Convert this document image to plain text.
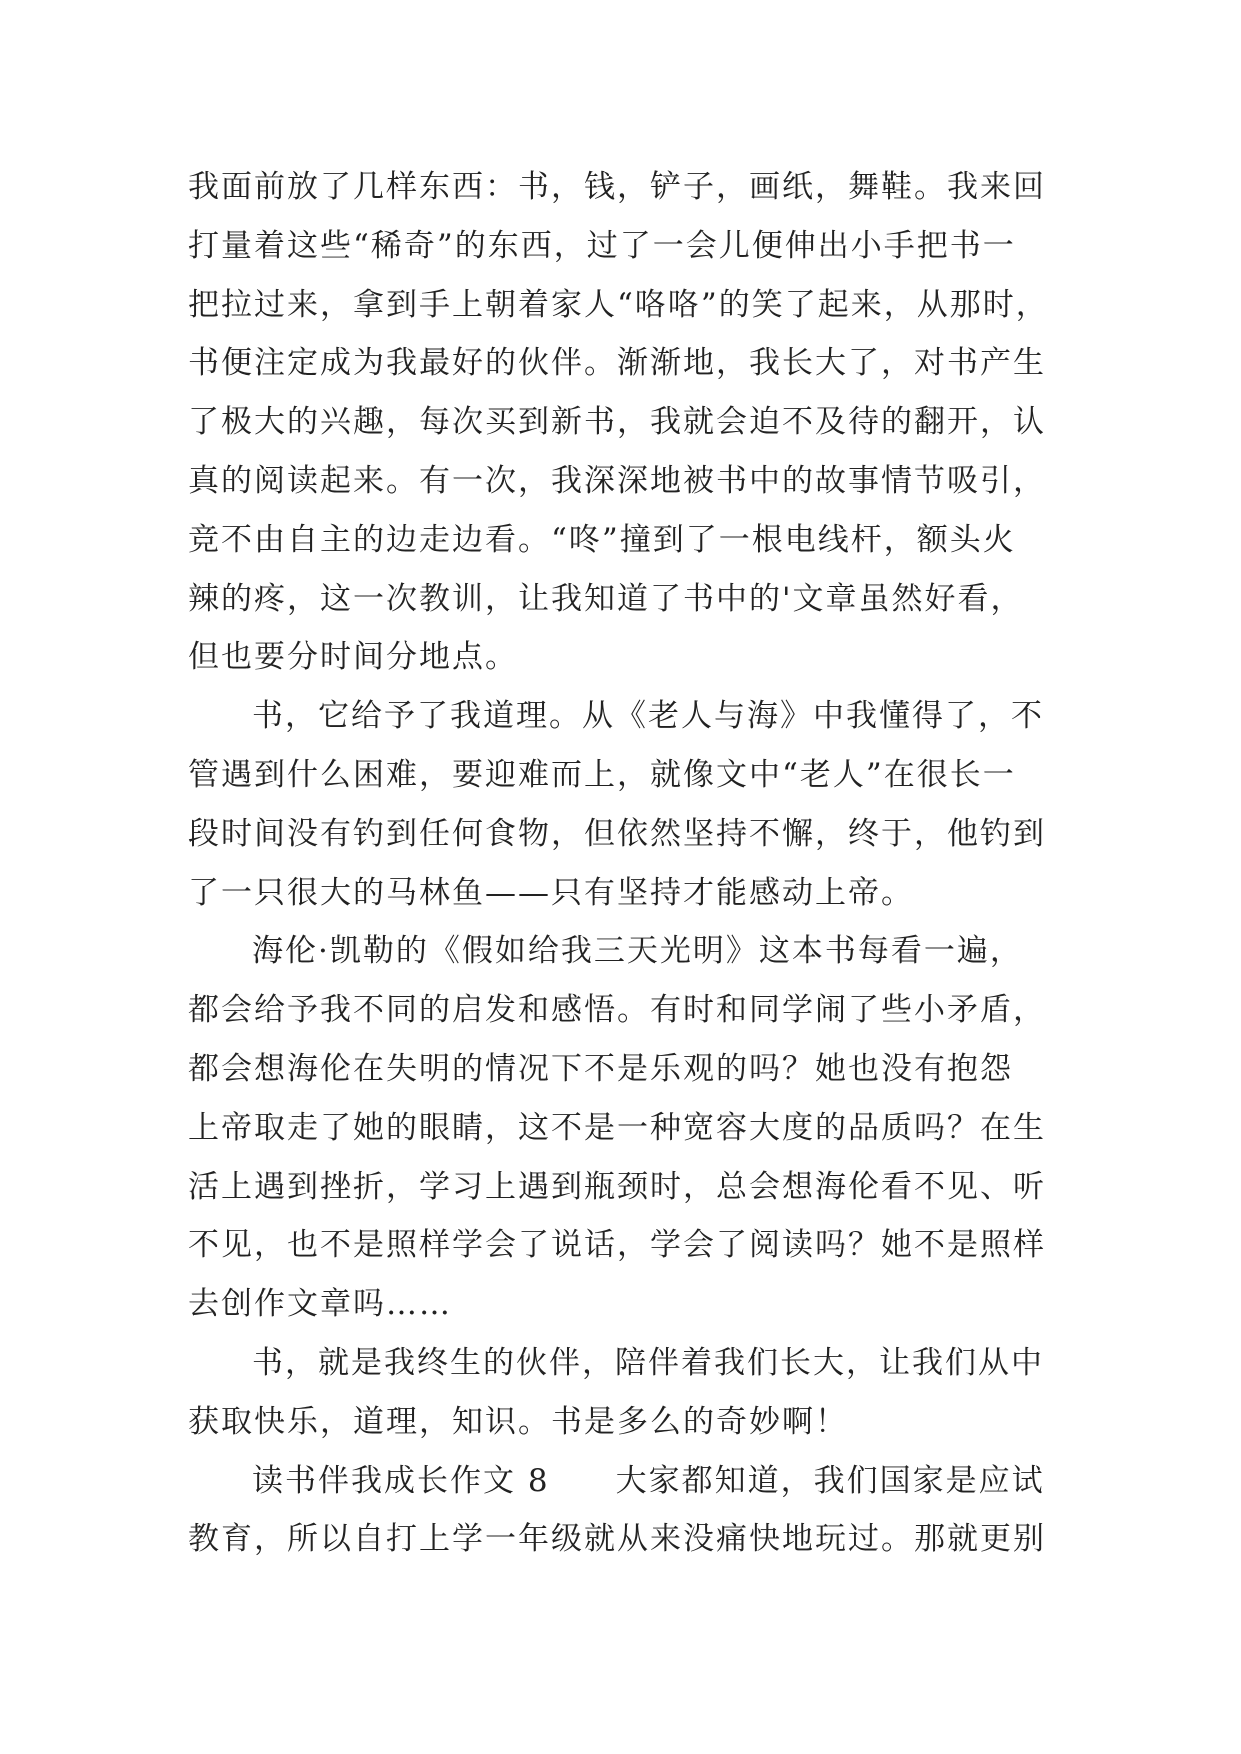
我面前放了几样东西：书，钱，铲子，画纸，舞鞋。我来回
打量着这些“稀奇”的东西，过了一会儿便伸出小手把书一
把拉过来，拿到手上朝着家人“咯咯”的笑了起来，从那时，
书便注定成为我最好的伙伴。渐渐地，我长大了，对书产生
了极大的兴趣，每次买到新书，我就会迫不及待的翻开，认
真的阅读起来。有一次，我深深地被书中的故事情节吸引，
竞不由自主的边走边看。“咚”撞到了一根电线杆，额头火
辣的疼，这一次教训，让我知道了书中的'文章虽然好看，
但也要分时间分地点。
书，它给予了我道理。从《老人与海》中我懂得了，不
管遇到什么困难，要迎难而上，就像文中“老人”在很长一
段时间没有钓到任何食物，但依然坚持不懈，终于，他钓到
了一只很大的马林鱼——只有坚持才能感动上帝。
海伦·凯勒的《假如给我三天光明》这本书每看一遍，
都会给予我不同的启发和感悟。有时和同学闹了些小矛盾，
都会想海伦在失明的情况下不是乐观的吗？她也没有抱怨
上帝取走了她的眼睛，这不是一种宽容大度的品质吗？在生
活上遇到挫折，学习上遇到瓶颈时，总会想海伦看不见、听
不见，也不是照样学会了说话，学会了阅读吗？她不是照样
去创作文章吗……
书，就是我终生的伙伴，陪伴着我们长大，让我们从中
获取快乐，道理，知识。书是多么的奇妙啊！
读书伴我成长作文 8　　大家都知道，我们国家是应试
教育，所以自打上学一年级就从来没痛快地玩过。那就更别
